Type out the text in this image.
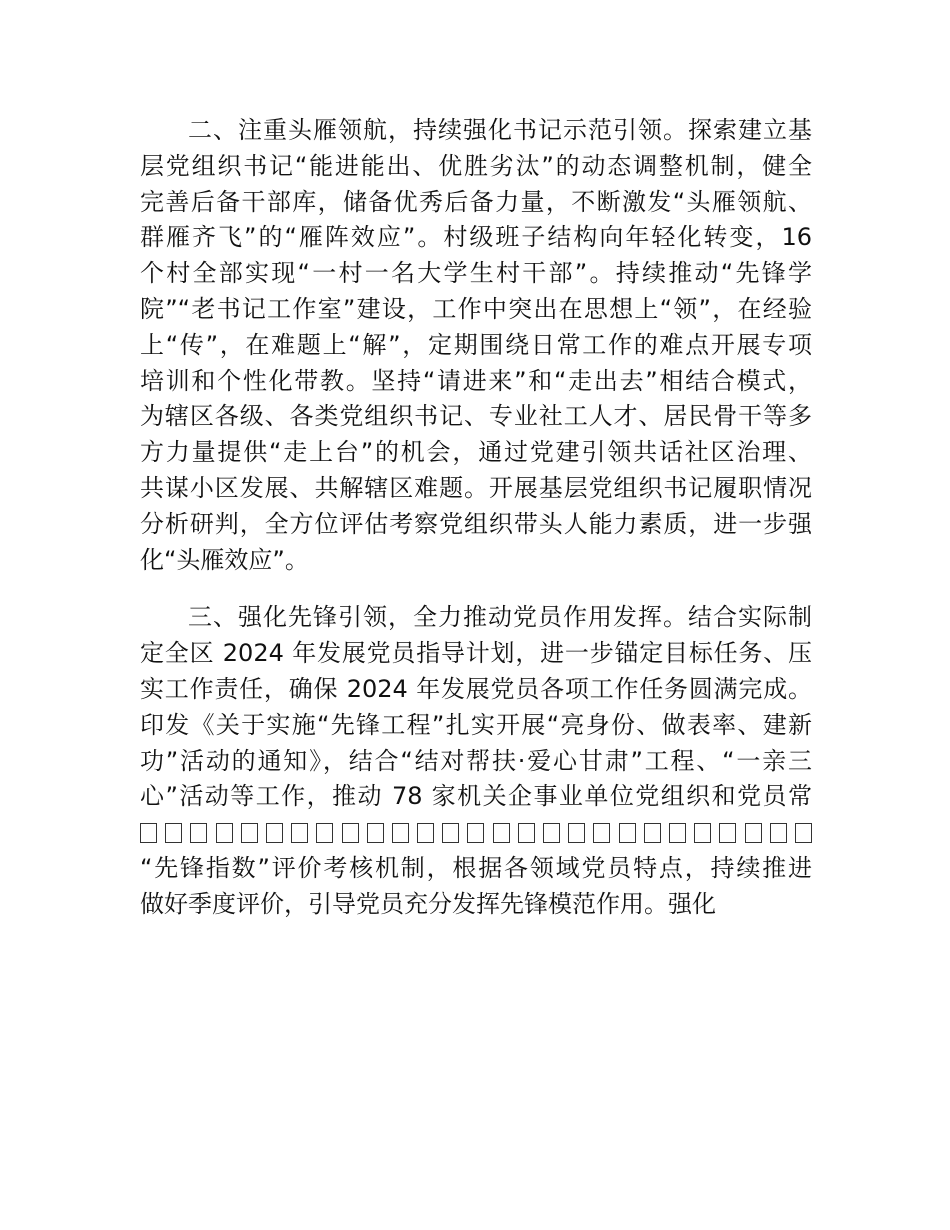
二、注重头雁领航，持续强化书记示范引领。探索建立基
层党组织书记“能进能出、优胜劣汰”的动态调整机制，健全
完善后备干部库，储备优秀后备力量，不断激发“头雁领航、
群雁齐飞”的“雁阵效应”。村级班子结构向年轻化转变，16
个村全部实现“一村一名大学生村干部”。持续推动“先锋学
院”“老书记工作室”建设，工作中突出在思想上“领”，在经验
上“传”，在难题上“解”，定期围绕日常工作的难点开展专项
培训和个性化带教。坚持“请进来”和“走出去”相结合模式，
为辖区各级、各类党组织书记、专业社工人才、居民骨干等多
方力量提供“走上台”的机会，通过党建引领共话社区治理、
共谋小区发展、共解辖区难题。开展基层党组织书记履职情况
分析研判，全方位评估考察党组织带头人能力素质，进一步强
化“头雁效应”。
三、强化先锋引领，全力推动党员作用发挥。结合实际制
定全区 2024 年发展党员指导计划，进一步锚定目标任务、压
实工作责任，确保 2024 年发展党员各项工作任务圆满完成。
印发《关于实施“先锋工程”扎实开展“亮身份、做表率、建新
功”活动的通知》，结合“结对帮扶·爱心甘肃”工程、“一亲三
心”活动等工作，推动 78 家机关企事业单位党组织和党员常
“先锋指数”评价考核机制，根据各领域党员特点，持续推进
做好季度评价，引导党员充分发挥先锋模范作用。强化
